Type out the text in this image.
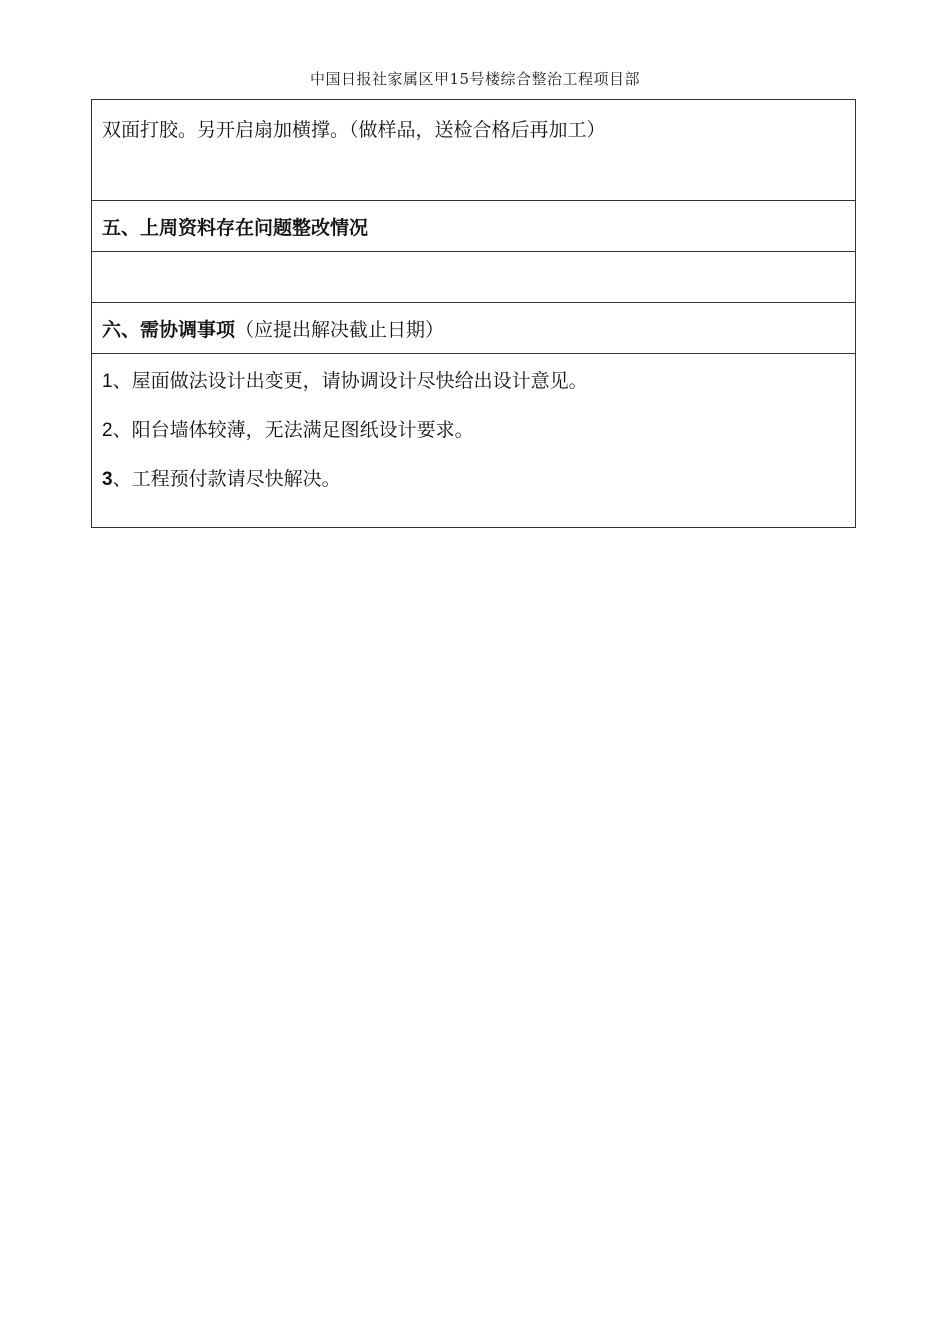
中国日报社家属区甲15号楼综合整治工程项目部
双面打胶。另开启扇加横撑。（做样品，送检合格后再加工）
五、上周资料存在问题整改情况
六、需协调事项 （应提出解决截止日期）
1、屋面做法设计出变更，请协调设计尽快给出设计意见。
2、阳台墙体较薄，无法满足图纸设计要求。
3、工程预付款请尽快解决。
